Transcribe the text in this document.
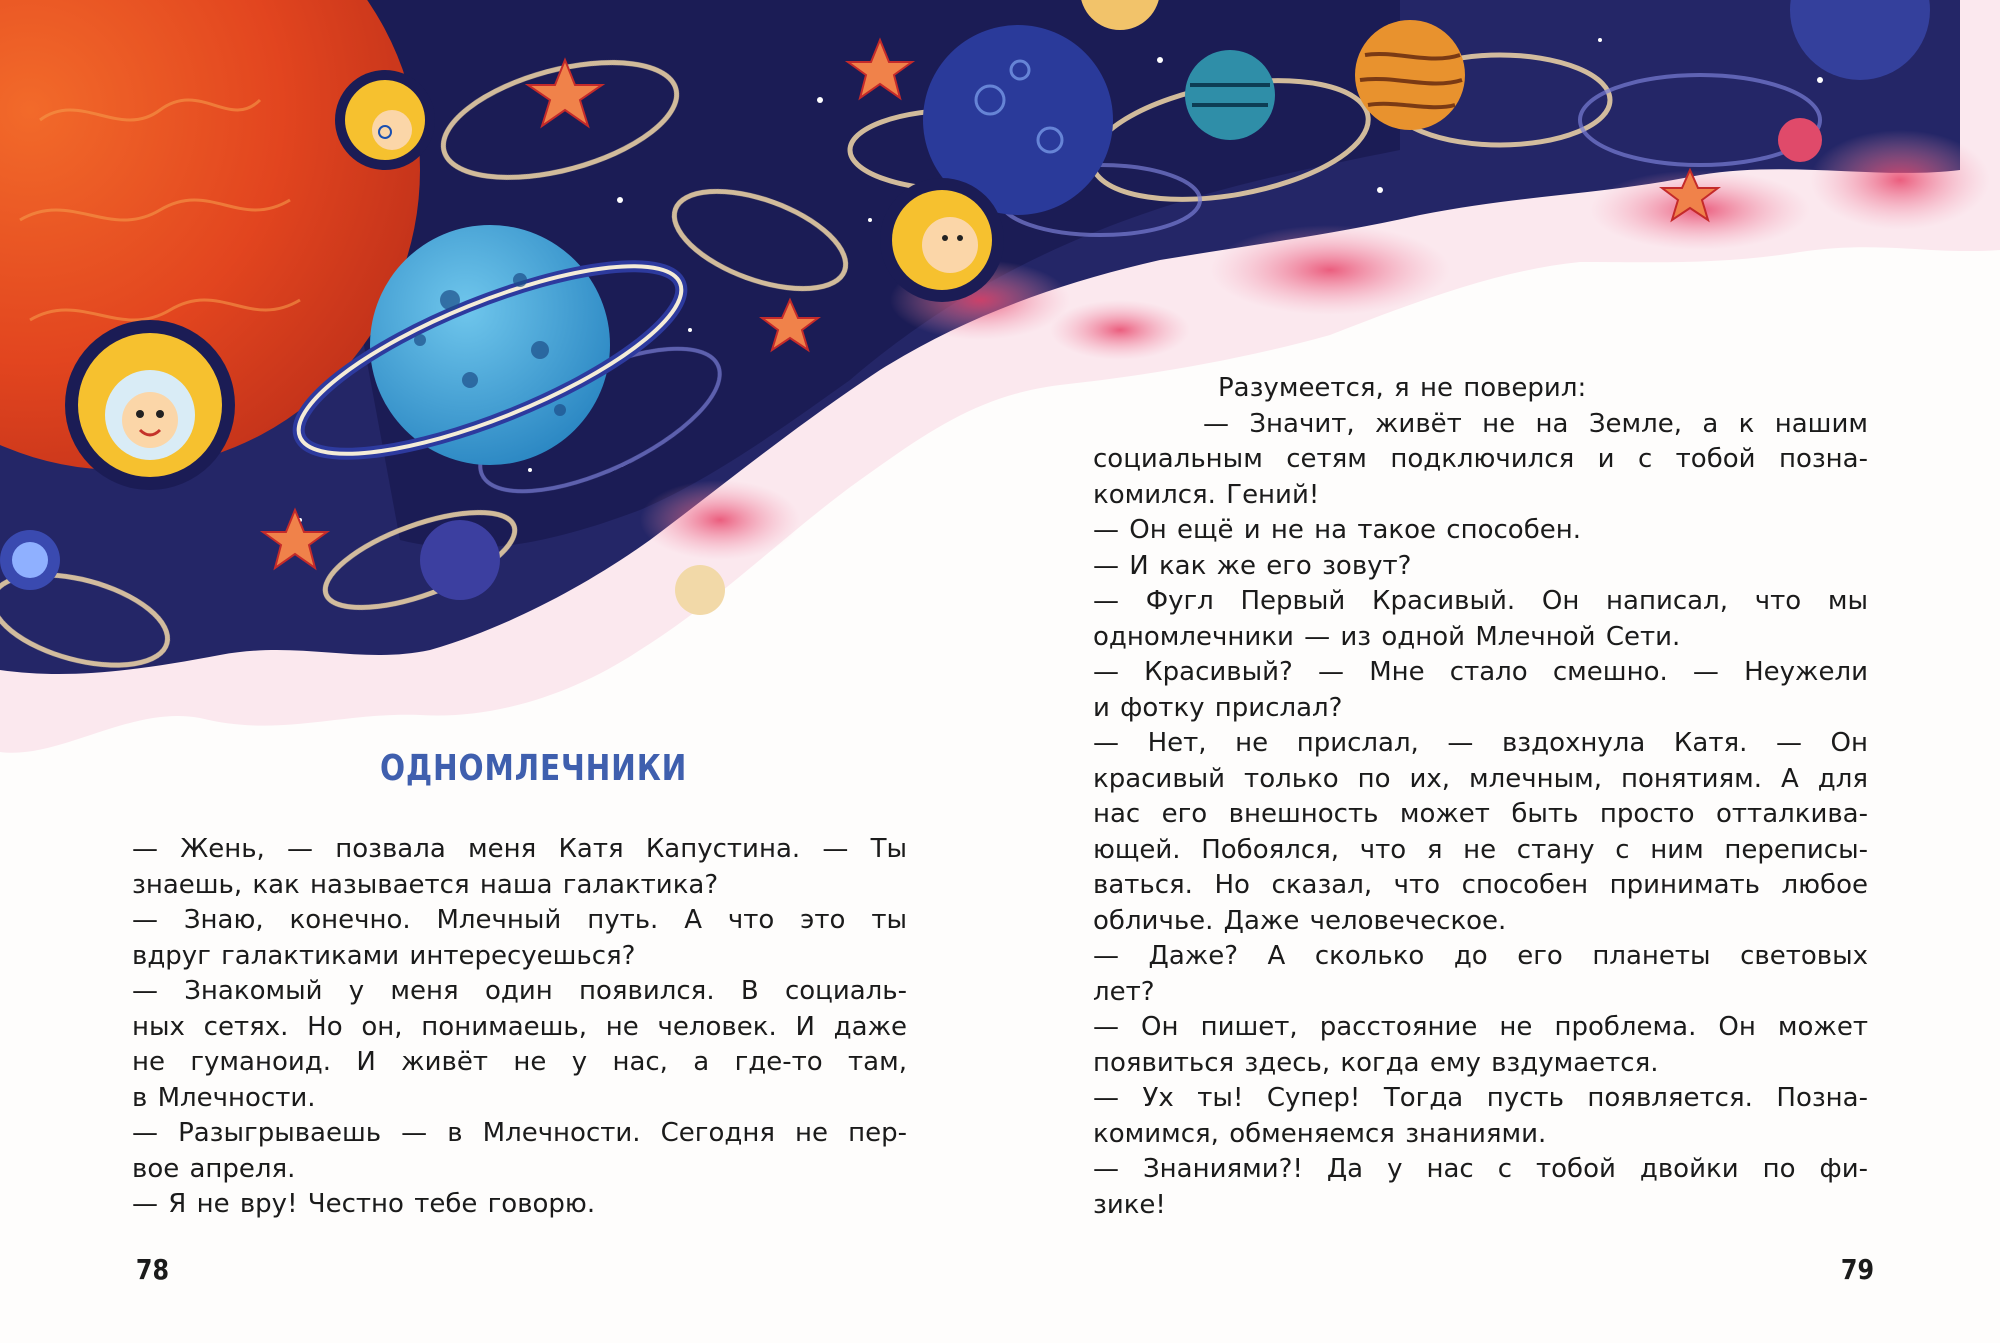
ОДНОМЛЕЧНИКИ
— Жень, — позвала меня Катя Капустина. — Ты
знаешь, как называется наша галактика?
— Знаю, конечно. Млечный путь. А что это ты
вдруг галактиками интересуешься?
— Знакомый у меня один появился. В социаль-
ных сетях. Но он, понимаешь, не человек. И даже
не гуманоид. И живёт не у нас, а где-то там,
в Млечности.
— Разыгрываешь — в Млечности. Сегодня не пер-
вое апреля.
— Я не вру! Честно тебе говорю.
Разумеется, я не поверил:
— Значит, живёт не на Земле, а к нашим
социальным сетям подключился и с тобой позна-
комился. Гений!
— Он ещё и не на такое способен.
— И как же его зовут?
— Фугл Первый Красивый. Он написал, что мы
одномлечники — из одной Млечной Сети.
— Красивый? — Мне стало смешно. — Неужели
и фотку прислал?
— Нет, не прислал, — вздохнула Катя. — Он
красивый только по их, млечным, понятиям. А для
нас его внешность может быть просто отталкива-
ющей. Побоялся, что я не стану с ним переписы-
ваться. Но сказал, что способен принимать любое
обличье. Даже человеческое.
— Даже? А сколько до его планеты световых
лет?
— Он пишет, расстояние не проблема. Он может
появиться здесь, когда ему вздумается.
— Ух ты! Супер! Тогда пусть появляется. Позна-
комимся, обменяемся знаниями.
— Знаниями?! Да у нас с тобой двойки по фи-
зике!
78	79
